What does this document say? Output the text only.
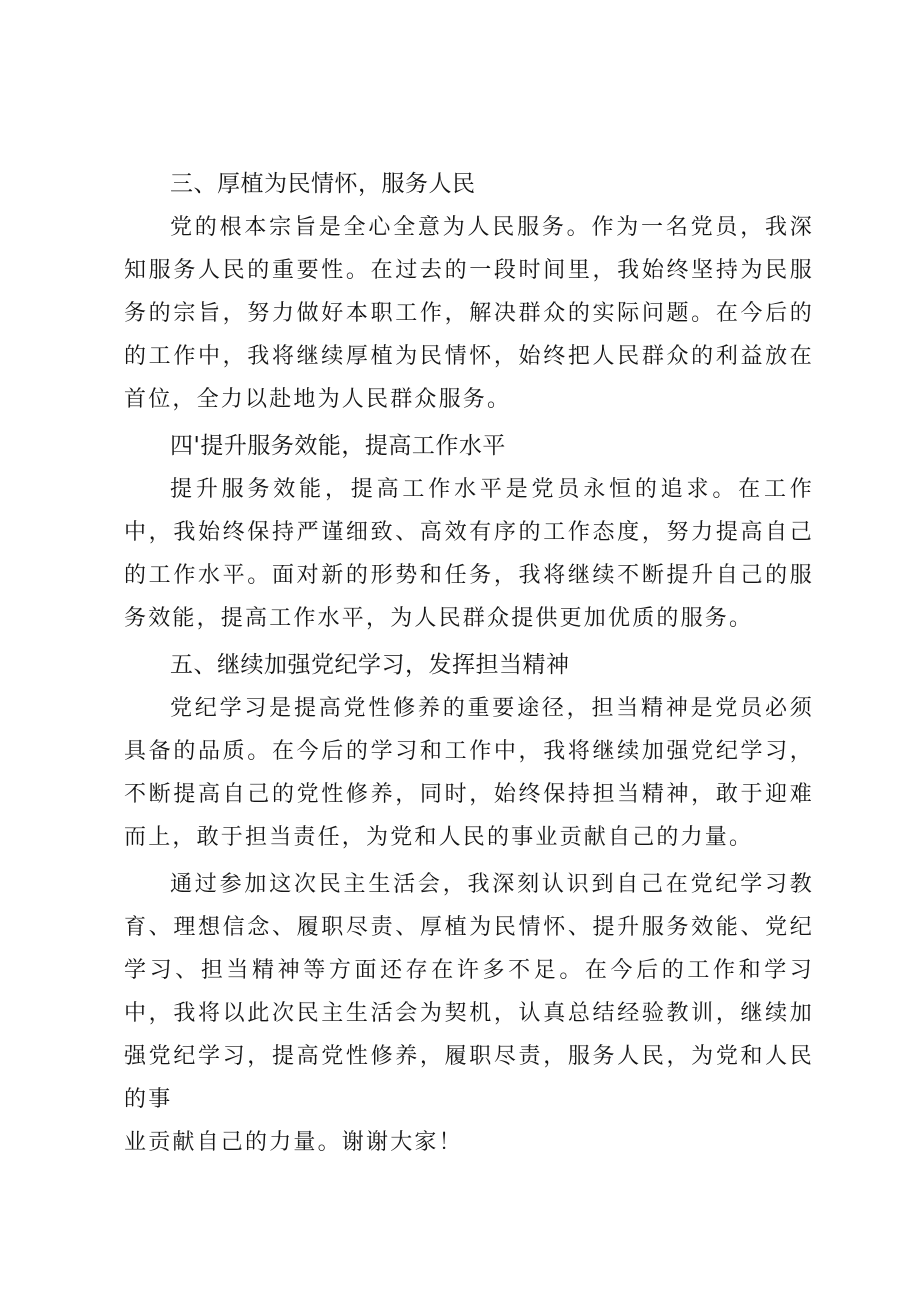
三、厚植为民情怀，服务人民

党的根本宗旨是全心全意为人民服务。作为一名党员，我深知服务人民的重要性。在过去的一段时间里，我始终坚持为民服务的宗旨，努力做好本职工作，解决群众的实际问题。在今后的的工作中，我将继续厚植为民情怀，始终把人民群众的利益放在首位，全力以赴地为人民群众服务。

四'提升服务效能，提高工作水平

提升服务效能，提高工作水平是党员永恒的追求。在工作中，我始终保持严谨细致、高效有序的工作态度，努力提高自己的工作水平。面对新的形势和任务，我将继续不断提升自己的服务效能，提高工作水平，为人民群众提供更加优质的服务。

五、继续加强党纪学习，发挥担当精神

党纪学习是提高党性修养的重要途径，担当精神是党员必须具备的品质。在今后的学习和工作中，我将继续加强党纪学习，不断提高自己的党性修养，同时，始终保持担当精神，敢于迎难而上，敢于担当责任，为党和人民的事业贡献自己的力量。

通过参加这次民主生活会，我深刻认识到自己在党纪学习教育、理想信念、履职尽责、厚植为民情怀、提升服务效能、党纪学习、担当精神等方面还存在许多不足。在今后的工作和学习中，我将以此次民主生活会为契机，认真总结经验教训，继续加强党纪学习，提高党性修养，履职尽责，服务人民，为党和人民的事

业贡献自己的力量。谢谢大家！
